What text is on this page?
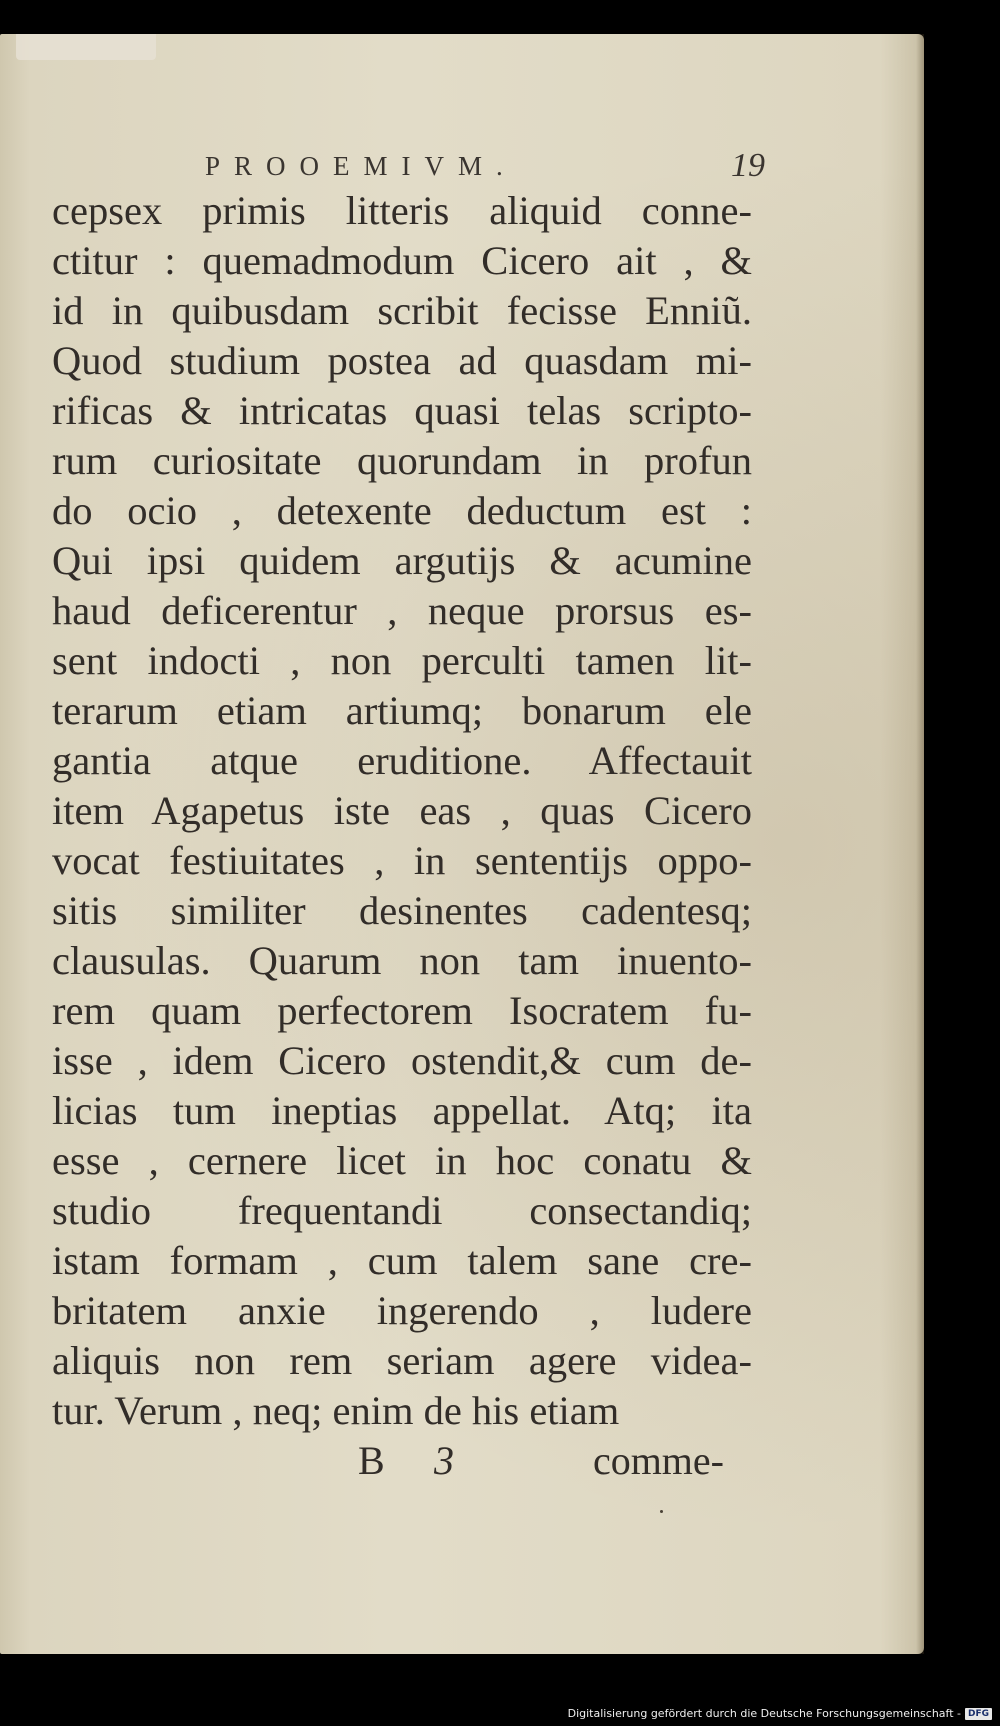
PROOEMIVM.	19
cepsex primis litteris aliquid conne-
ctitur : quemadmodum Cicero ait , &
id in quibusdam scribit fecisse Enniũ.
Quod studium postea ad quasdam mi-
rificas & intricatas quasi telas scripto-
rum curiositate quorundam in profun
do ocio , detexente deductum est :
Qui ipsi quidem argutijs & acumine
haud deficerentur , neque prorsus es-
sent indocti , non perculti tamen lit-
terarum etiam artiumq; bonarum ele
gantia atque eruditione. Affectauit
item Agapetus iste eas , quas Cicero
vocat festiuitates , in sententijs oppo-
sitis similiter desinentes cadentesq;
clausulas. Quarum non tam inuento-
rem quam perfectorem Isocratem fu-
isse , idem Cicero ostendit,& cum de-
licias tum ineptias appellat. Atq; ita
esse , cernere licet in hoc conatu &
studio frequentandi consectandiq;
istam formam , cum talem sane cre-
britatem anxie ingerendo , ludere
aliquis non rem seriam agere videa-
tur. Verum , neq; enim de his etiam
B 3	comme-
Digitalisierung gefördert durch die Deutsche Forschungsgemeinschaft - DFG
